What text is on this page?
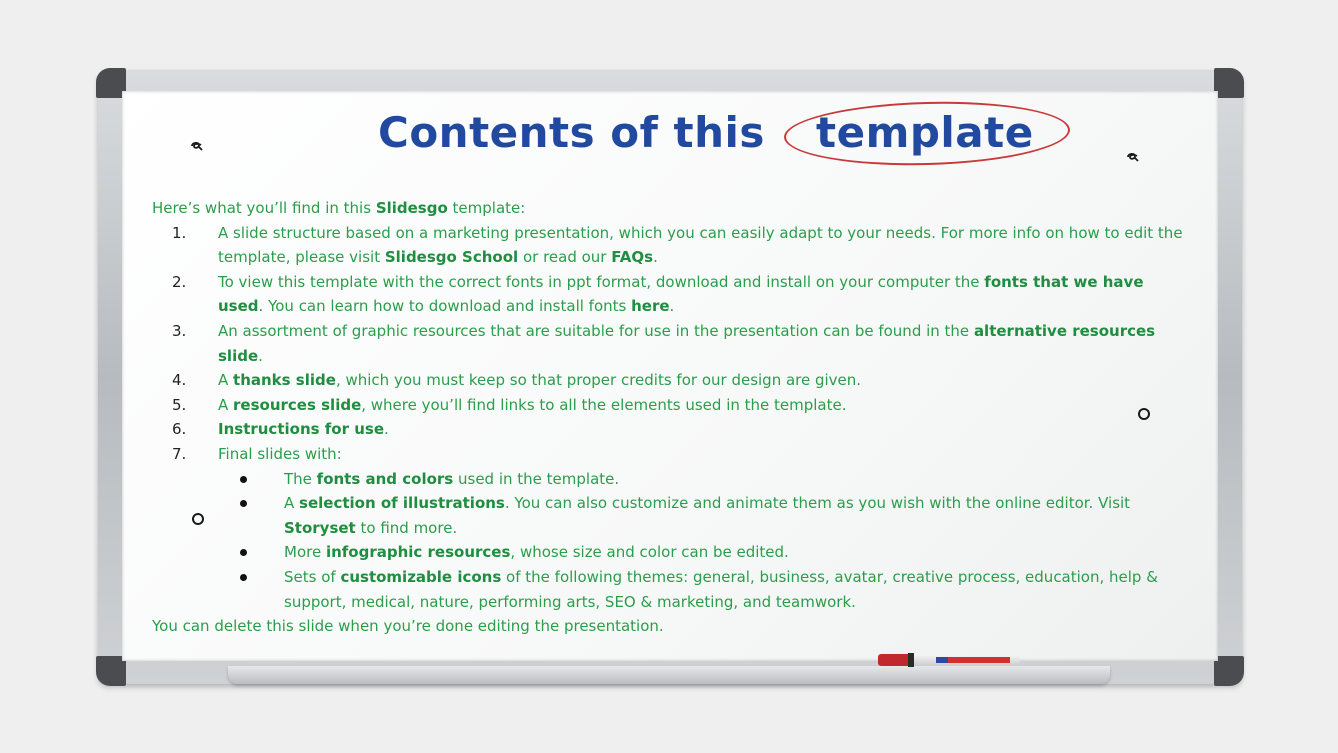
Contents of this template

Here’s what you’ll find in this Slidesgo template:

1.	A slide structure based on a marketing presentation, which you can easily adapt to your needs. For more info on how to edit the template, please visit Slidesgo School or read our FAQs.
2.	To view this template with the correct fonts in ppt format, download and install on your computer the fonts that we have used. You can learn how to download and install fonts here.
3.	An assortment of graphic resources that are suitable for use in the presentation can be found in the alternative resources slide.
4.	A thanks slide, which you must keep so that proper credits for our design are given.
5.	A resources slide, where you’ll find links to all the elements used in the template.
6.	Instructions for use.
7.	Final slides with:
The fonts and colors used in the template.
A selection of illustrations. You can also customize and animate them as you wish with the online editor. Visit Storyset to find more.
More infographic resources, whose size and color can be edited.
Sets of customizable icons of the following themes: general, business, avatar, creative process, education, help & support, medical, nature, performing arts, SEO & marketing, and teamwork.

You can delete this slide when you’re done editing the presentation.
